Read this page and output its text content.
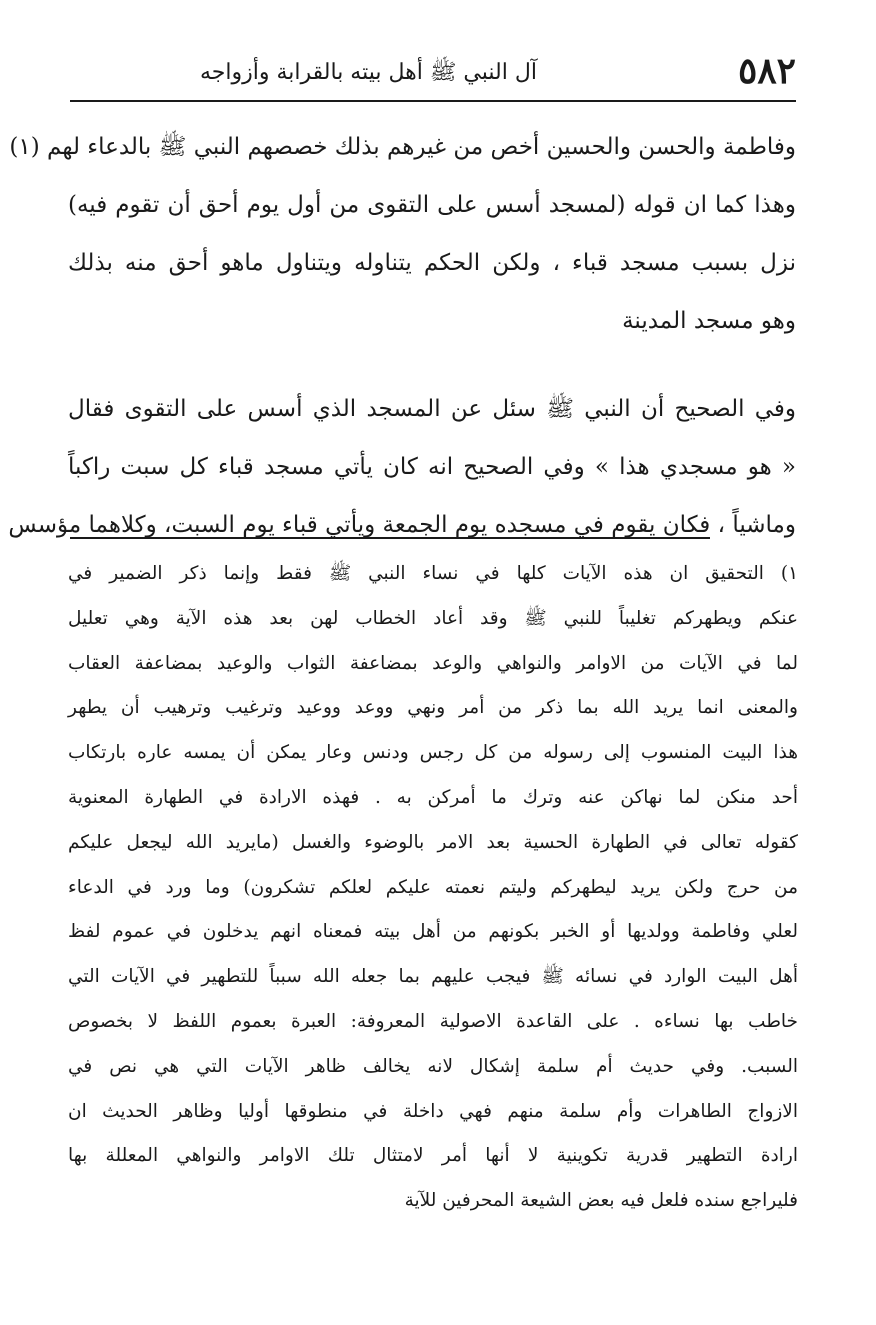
٥٨٢
آل النبي ﷺ أهل بيته بالقرابة وأزواجه
وفاطمة والحسن والحسين أخص من غيرهم بذلك خصصهم النبي ﷺ بالدعاء لهم (١)
وهذا كما ان قوله (لمسجد أسس على التقوى من أول يوم أحق أن تقوم فيه)
نزل بسبب مسجد قباء ، ولكن الحكم يتناوله ويتناول ماهو أحق منه بذلك
وهو مسجد المدينة
وفي الصحيح أن النبي ﷺ سئل عن المسجد الذي أسس على التقوى فقال
« هو مسجدي هذا » وفي الصحيح انه كان يأتي مسجد قباء كل سبت راكباً
وماشياً ، فكان يقوم في مسجده يوم الجمعة ويأتي قباء يوم السبت، وكلاهما مؤسس
١) التحقيق ان هذه الآيات كلها في نساء النبي ﷺ فقط وإنما ذكر الضمير في
عنكم ويطهركم تغليباً للنبي ﷺ وقد أعاد الخطاب لهن بعد هذه الآية وهي تعليل
لما في الآيات من الاوامر والنواهي والوعد بمضاعفة الثواب والوعيد بمضاعفة العقاب
والمعنى انما يريد الله بما ذكر من أمر ونهي ووعد ووعيد وترغيب وترهيب أن يطهر
هذا البيت المنسوب إلى رسوله من كل رجس ودنس وعار يمكن أن يمسه عاره بارتكاب
أحد منكن لما نهاكن عنه وترك ما أمركن به . فهذه الارادة في الطهارة المعنوية
كقوله تعالى في الطهارة الحسية بعد الامر بالوضوء والغسل (مايريد الله ليجعل عليكم
من حرج ولكن يريد ليطهركم وليتم نعمته عليكم لعلكم تشكرون) وما ورد في الدعاء
لعلي وفاطمة وولديها أو الخبر بكونهم من أهل بيته فمعناه انهم يدخلون في عموم لفظ
أهل البيت الوارد في نسائه ﷺ فيجب عليهم بما جعله الله سبباً للتطهير في الآيات التي
خاطب بها نساءه . على القاعدة الاصولية المعروفة: العبرة بعموم اللفظ لا بخصوص
السبب. وفي حديث أم سلمة إشكال لانه يخالف ظاهر الآيات التي هي نص في
الازواج الطاهرات وأم سلمة منهم فهي داخلة في منطوقها أوليا وظاهر الحديث ان
ارادة التطهير قدرية تكوينية لا أنها أمر لامتثال تلك الاوامر والنواهي المعللة بها
فليراجع سنده فلعل فيه بعض الشيعة المحرفين للآية
